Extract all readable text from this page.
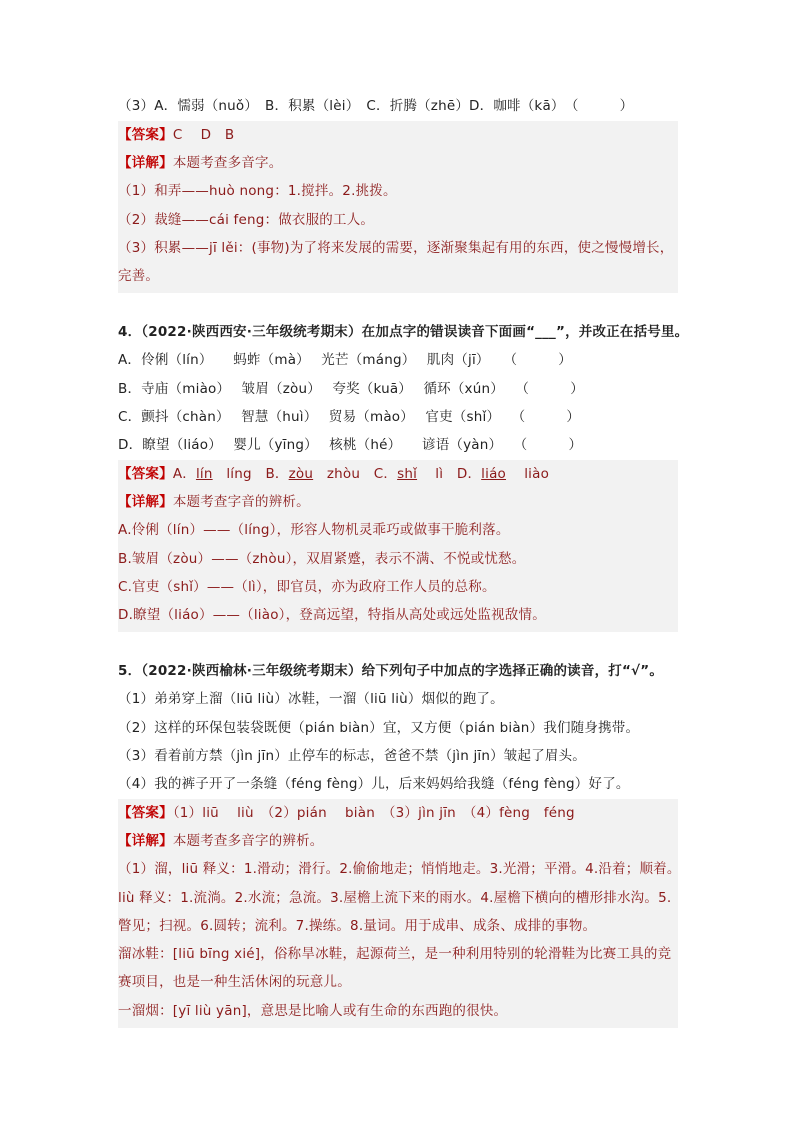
（3）A．懦弱（nuǒ）　B．积累（lèi）　C．折腾（zhē）D．咖啡（kā）　（　　　）
【答案】C　 D　B
【详解】本题考查多音字。
（1）和弄——huò nong：1.搅拌。2.挑拨。
（2）裁缝——cái feng：做衣服的工人。
（3）积累——jī lěi：(事物)为了将来发展的需要，逐渐聚集起有用的东西，使之慢慢增长，
完善。
4．（2022·陕西西安·三年级统考期末）在加点字的错误读音下面画“___”，并改正在括号里。
A．伶俐（lín）　　蚂蚱（mà）　 光芒（máng）　 肌肉（jī）　　（　　　）
B．寺庙（miào）　 皱眉（zòu）　 夸奖（kuā）　 循环（xún）　 （　　　）
C．颤抖（chàn）　 智慧（huì）　 贸易（mào）　 官吏（shǐ）　 （　　　）
D．瞭望（liáo）　 婴儿（yīng）　 核桃（hé）　　谚语（yàn）　 （　　　）
【答案】A．lín　líng　B．zòu　zhòu　C．shǐ　 lì　D．liáo　 liào
【详解】本题考查字音的辨析。
A.伶俐（lín）——（líng），形容人物机灵乖巧或做事干脆利落。
B.皱眉（zòu）——（zhòu），双眉紧蹙，表示不满、不悦或忧愁。
C.官吏（shǐ）——（lì），即官员，亦为政府工作人员的总称。
D.瞭望（liáo）——（liào），登高远望，特指从高处或远处监视敌情。
5．（2022·陕西榆林·三年级统考期末）给下列句子中加点的字选择正确的读音，打“√”。
（1）弟弟穿上溜（liū liù）冰鞋，一溜（liū liù）烟似的跑了。
（2）这样的环保包装袋既便（pián biàn）宜，又方便（pián biàn）我们随身携带。
（3）看着前方禁（jìn jīn）止停车的标志，爸爸不禁（jìn jīn）皱起了眉头。
（4）我的裤子开了一条缝（féng fèng）儿，后来妈妈给我缝（féng fèng）好了。
【答案】（1）liū　 liù　（2）pián　 biàn　（3）jìn jīn　（4）fèng　féng
【详解】本题考查多音字的辨析。
（1）溜，liū 释义：1.滑动；滑行。2.偷偷地走；悄悄地走。3.光滑；平滑。4.沿着；顺着。
liù 释义：1.流淌。2.水流；急流。3.屋檐上流下来的雨水。4.屋檐下横向的槽形排水沟。5.
瞥见；扫视。6.圆转；流利。7.操练。8.量词。用于成串、成条、成排的事物。
溜冰鞋：[liū bīng xié]，俗称旱冰鞋，起源荷兰，是一种利用特别的轮滑鞋为比赛工具的竞
赛项目，也是一种生活休闲的玩意儿。
一溜烟：[yī liù yān]，意思是比喻人或有生命的东西跑的很快。
